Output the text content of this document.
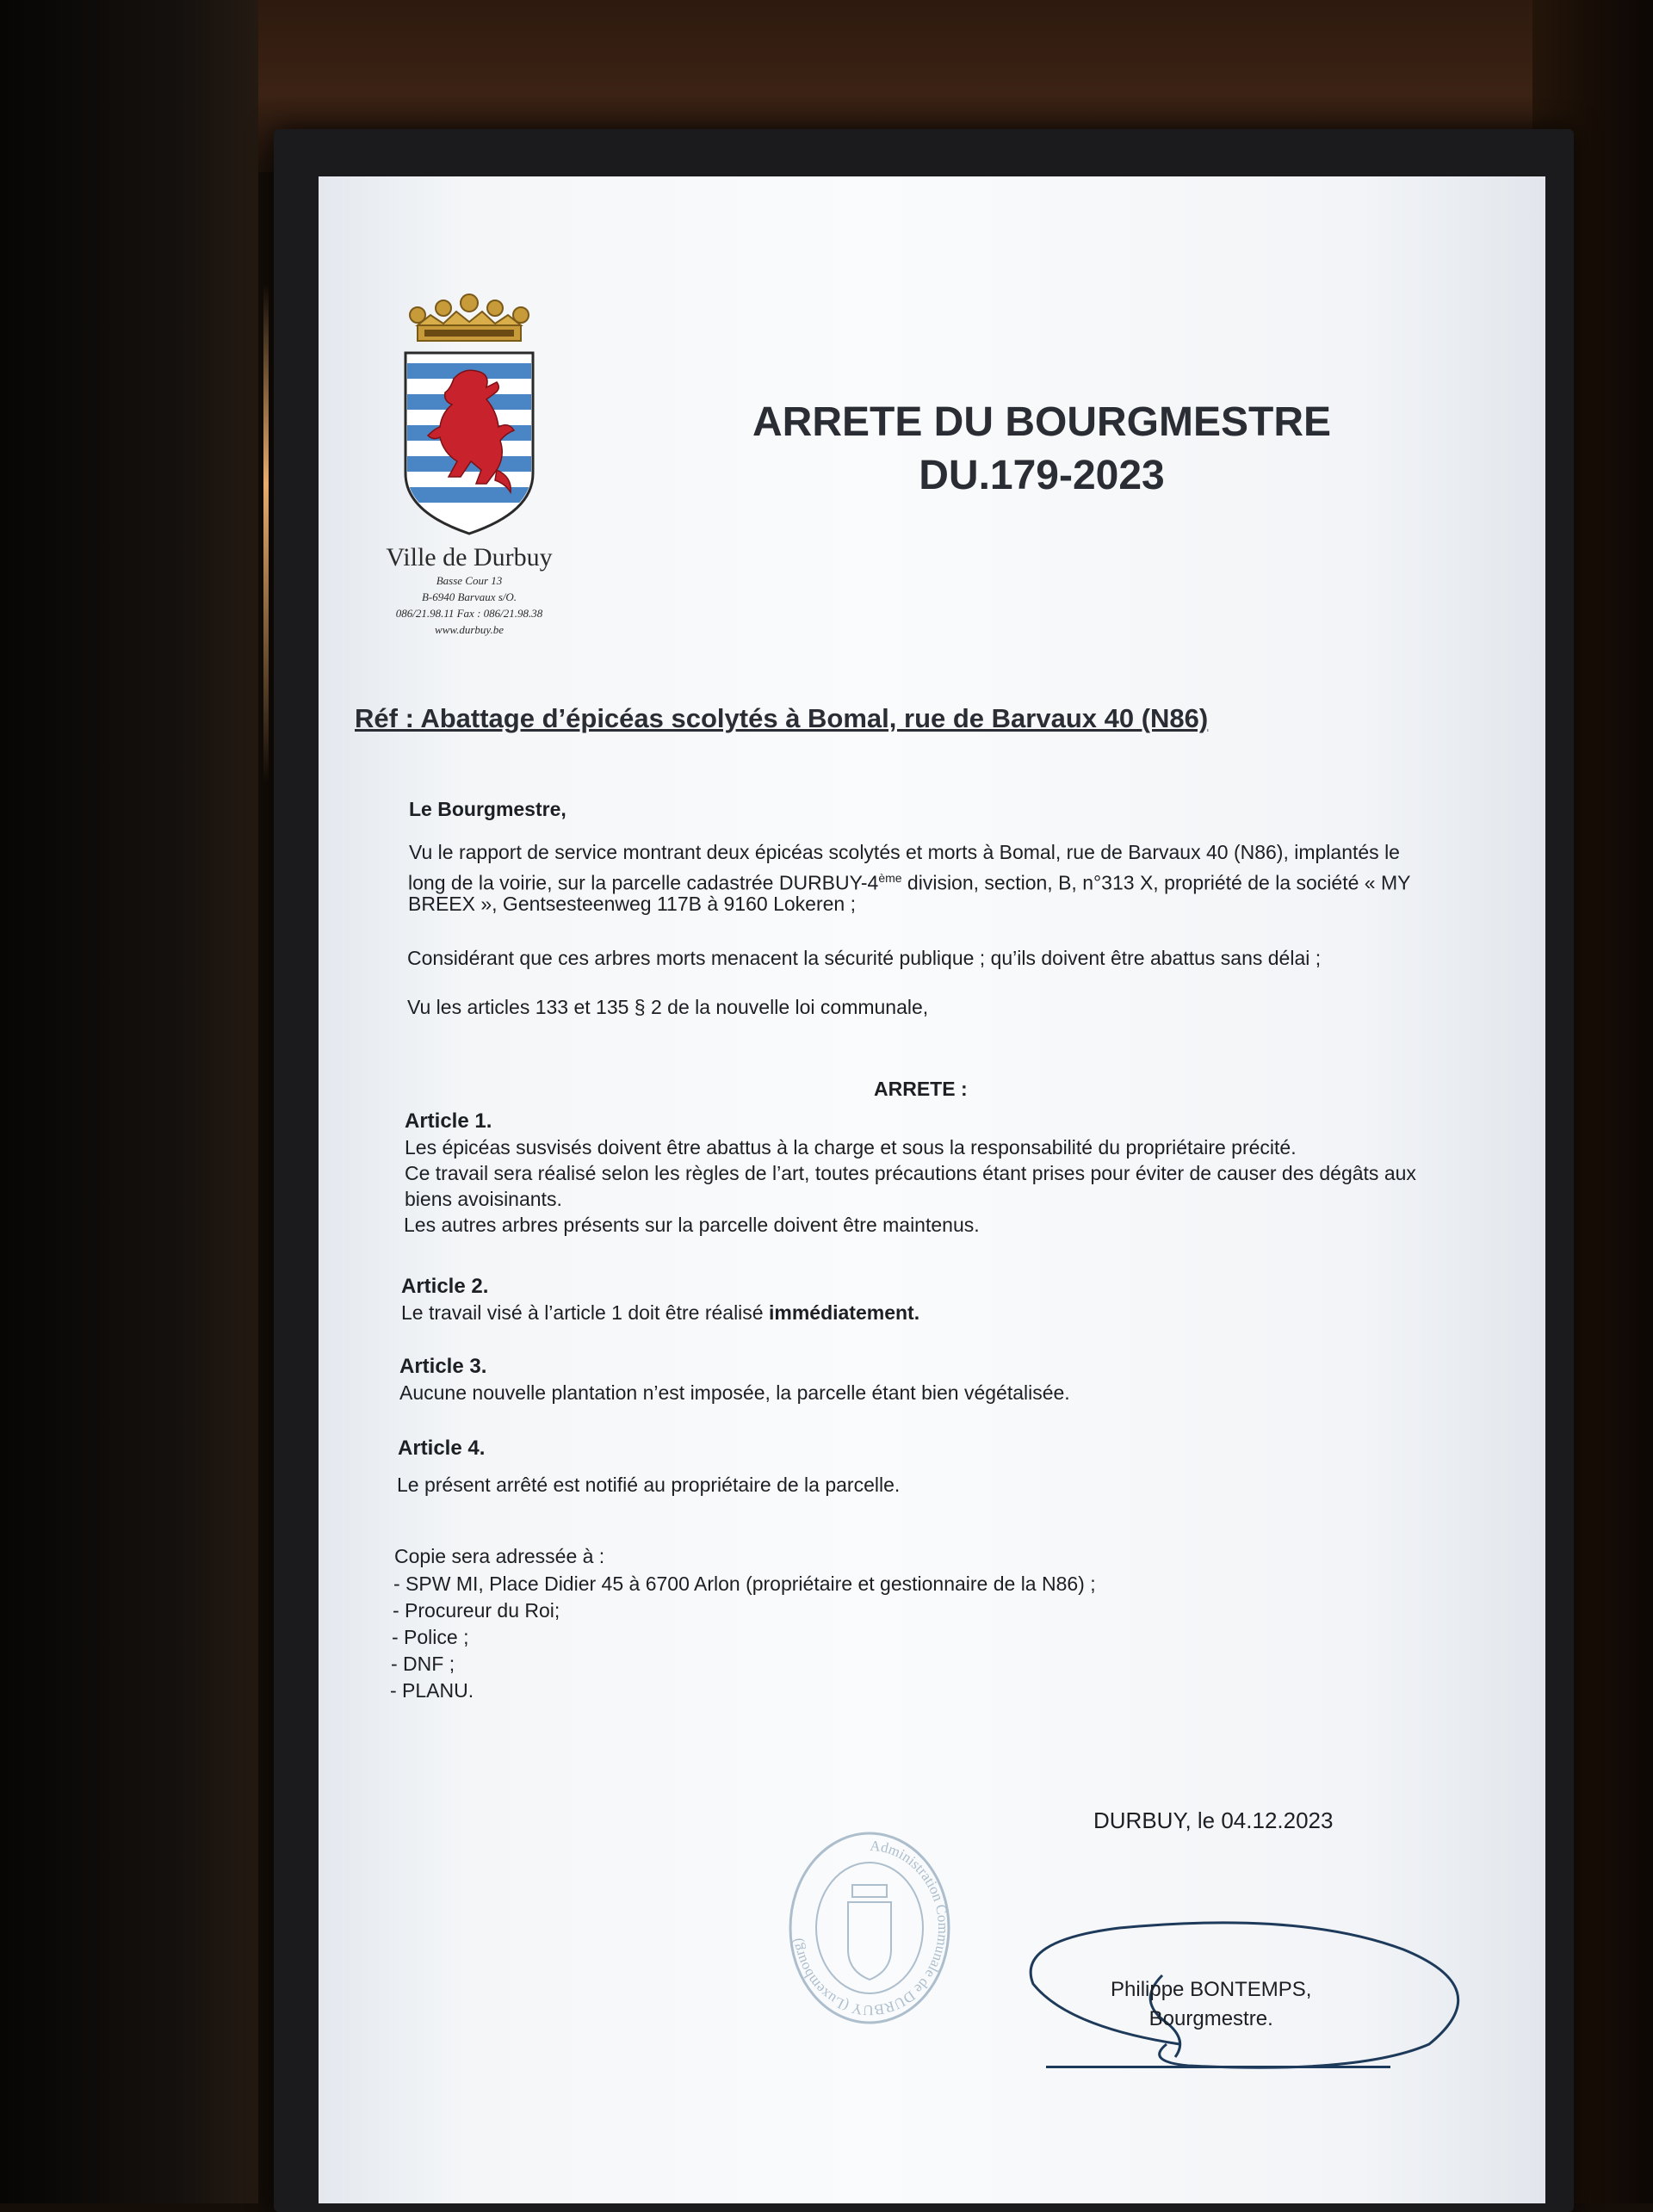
Ville de Durbuy
Basse Cour 13
B-6940 Barvaux s/O.
086/21.98.11 Fax : 086/21.98.38
www.durbuy.be
ARRETE DU BOURGMESTRE
DU.179-2023
Réf : Abattage d’épicéas scolytés à Bomal, rue de Barvaux 40 (N86)
Le Bourgmestre,
Vu le rapport de service montrant deux épicéas scolytés et morts à Bomal, rue de Barvaux 40 (N86), implantés le
long de la voirie, sur la parcelle cadastrée DURBUY-4ème division, section, B, n°313 X, propriété de la société « MY
BREEX », Gentsesteenweg 117B à 9160 Lokeren ;
Considérant que ces arbres morts menacent la sécurité publique ; qu’ils doivent être abattus sans délai ;
Vu les articles 133 et 135 § 2 de la nouvelle loi communale,
ARRETE :
Article 1.
Les épicéas susvisés doivent être abattus à la charge et sous la responsabilité du propriétaire précité.
Ce travail sera réalisé selon les règles de l’art, toutes précautions étant prises pour éviter de causer des dégâts aux
biens avoisinants.
Les autres arbres présents sur la parcelle doivent être maintenus.
Article 2.
Le travail visé à l’article 1 doit être réalisé immédiatement.
Article 3.
Aucune nouvelle plantation n’est imposée, la parcelle étant bien végétalisée.
Article 4.
Le présent arrêté est notifié au propriétaire de la parcelle.
Copie sera adressée à :
- SPW MI, Place Didier 45 à 6700 Arlon (propriétaire et gestionnaire de la N86) ;
- Procureur du Roi;
- Police ;
- DNF ;
- PLANU.
DURBUY, le 04.12.2023
Administration Communale de DURBUY (Luxembourg)
Philippe BONTEMPS,
Bourgmestre.
